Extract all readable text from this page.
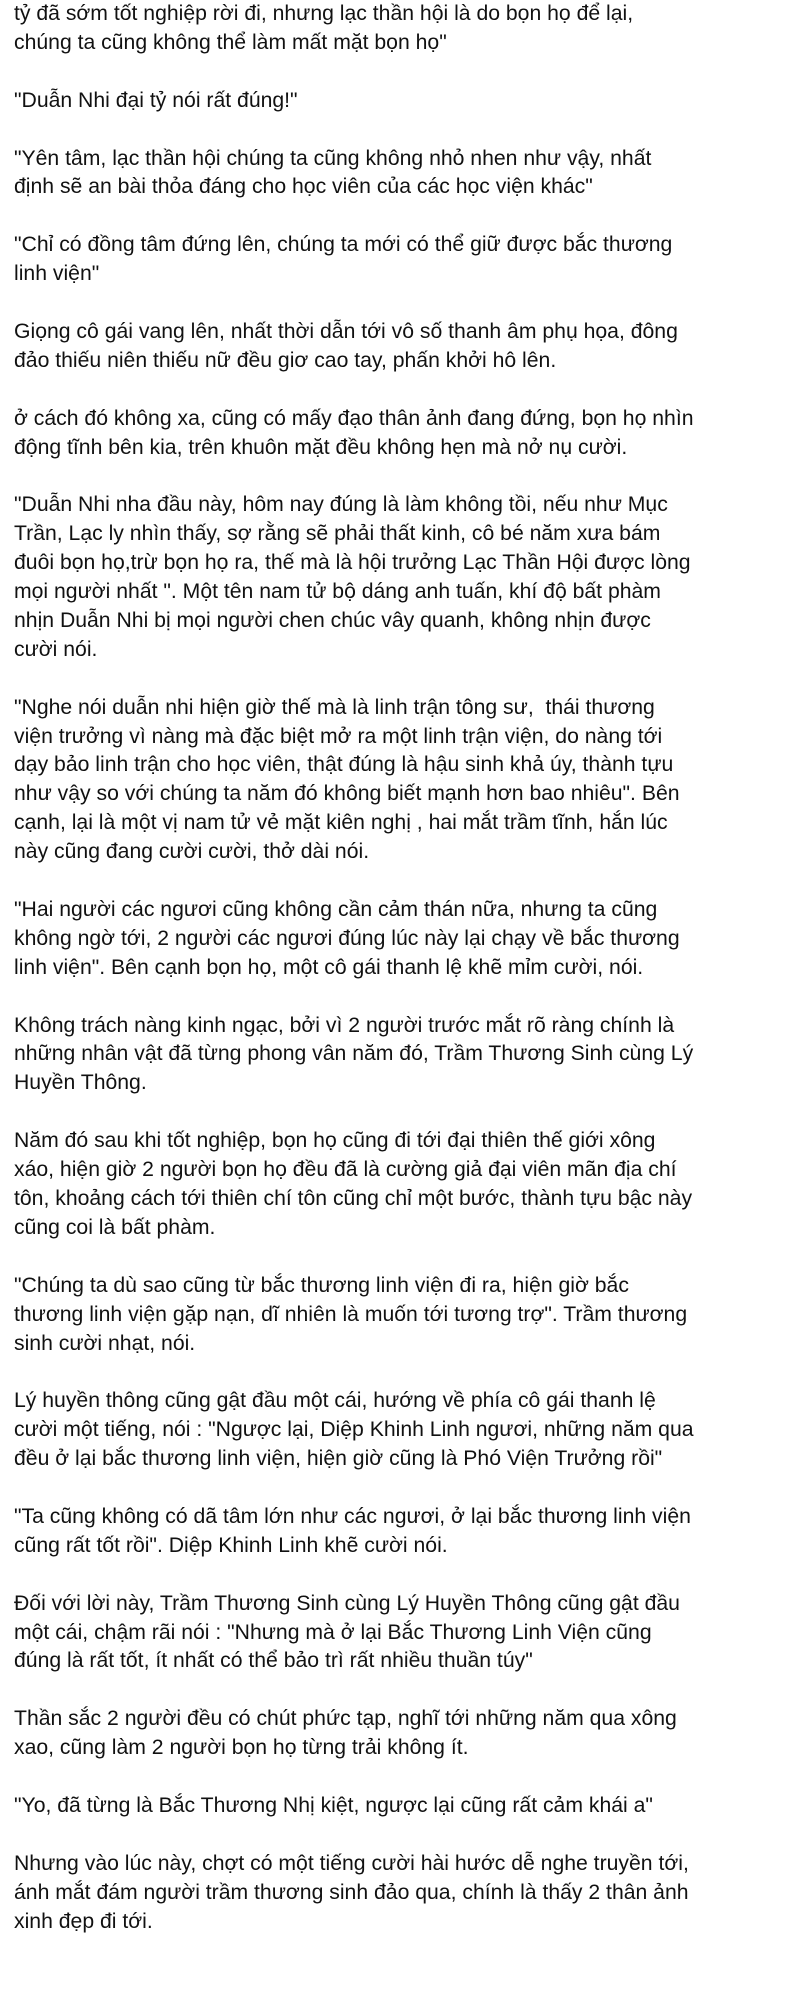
tỷ đã sớm tốt nghiệp rời đi, nhưng lạc thần hội là do bọn họ để lại,
chúng ta cũng không thể làm mất mặt bọn họ"

"Duẫn Nhi đại tỷ nói rất đúng!"

"Yên tâm, lạc thần hội chúng ta cũng không nhỏ nhen như vậy, nhất
định sẽ an bài thỏa đáng cho học viên của các học viện khác"

"Chỉ có đồng tâm đứng lên, chúng ta mới có thể giữ được bắc thương
linh viện"

Giọng cô gái vang lên, nhất thời dẫn tới vô số thanh âm phụ họa, đông
đảo thiếu niên thiếu nữ đều giơ cao tay, phấn khởi hô lên.

ở cách đó không xa, cũng có mấy đạo thân ảnh đang đứng, bọn họ nhìn
động tĩnh bên kia, trên khuôn mặt đều không hẹn mà nở nụ cười.

"Duẫn Nhi nha đầu này, hôm nay đúng là làm không tồi, nếu như Mục
Trần, Lạc ly nhìn thấy, sợ rằng sẽ phải thất kinh, cô bé năm xưa bám
đuôi bọn họ,trừ bọn họ ra, thế mà là hội trưởng Lạc Thần Hội được lòng
mọi người nhất ". Một tên nam tử bộ dáng anh tuấn, khí độ bất phàm
nhịn Duẫn Nhi bị mọi người chen chúc vây quanh, không nhịn được
cười nói.

"Nghe nói duẫn nhi hiện giờ thế mà là linh trận tông sư,  thái thương
viện trưởng vì nàng mà đặc biệt mở ra một linh trận viện, do nàng tới
dạy bảo linh trận cho học viên, thật đúng là hậu sinh khả úy, thành tựu
như vậy so với chúng ta năm đó không biết mạnh hơn bao nhiêu". Bên
cạnh, lại là một vị nam tử vẻ mặt kiên nghị , hai mắt trầm tĩnh, hắn lúc
này cũng đang cười cười, thở dài nói.

"Hai người các ngươi cũng không cần cảm thán nữa, nhưng ta cũng
không ngờ tới, 2 người các ngươi đúng lúc này lại chạy về bắc thương
linh viện". Bên cạnh bọn họ, một cô gái thanh lệ khẽ mỉm cười, nói.

Không trách nàng kinh ngạc, bởi vì 2 người trước mắt rõ ràng chính là
những nhân vật đã từng phong vân năm đó, Trầm Thương Sinh cùng Lý
Huyền Thông.

Năm đó sau khi tốt nghiệp, bọn họ cũng đi tới đại thiên thế giới xông
xáo, hiện giờ 2 người bọn họ đều đã là cường giả đại viên mãn địa chí
tôn, khoảng cách tới thiên chí tôn cũng chỉ một bước, thành tựu bậc này
cũng coi là bất phàm.

"Chúng ta dù sao cũng từ bắc thương linh viện đi ra, hiện giờ bắc
thương linh viện gặp nạn, dĩ nhiên là muốn tới tương trợ". Trầm thương
sinh cười nhạt, nói.

Lý huyền thông cũng gật đầu một cái, hướng về phía cô gái thanh lệ
cười một tiếng, nói : "Ngược lại, Diệp Khinh Linh ngươi, những năm qua
đều ở lại bắc thương linh viện, hiện giờ cũng là Phó Viện Trưởng rồi"

"Ta cũng không có dã tâm lớn như các ngươi, ở lại bắc thương linh viện
cũng rất tốt rồi". Diệp Khinh Linh khẽ cười nói.

Đối với lời này, Trầm Thương Sinh cùng Lý Huyền Thông cũng gật đầu
một cái, chậm rãi nói : "Nhưng mà ở lại Bắc Thương Linh Viện cũng
đúng là rất tốt, ít nhất có thể bảo trì rất nhiều thuần túy"

Thần sắc 2 người đều có chút phức tạp, nghĩ tới những năm qua xông
xao, cũng làm 2 người bọn họ từng trải không ít.

"Yo, đã từng là Bắc Thương Nhị kiệt, ngược lại cũng rất cảm khái a"

Nhưng vào lúc này, chợt có một tiếng cười hài hước dễ nghe truyền tới,
ánh mắt đám người trầm thương sinh đảo qua, chính là thấy 2 thân ảnh
xinh đẹp đi tới.
